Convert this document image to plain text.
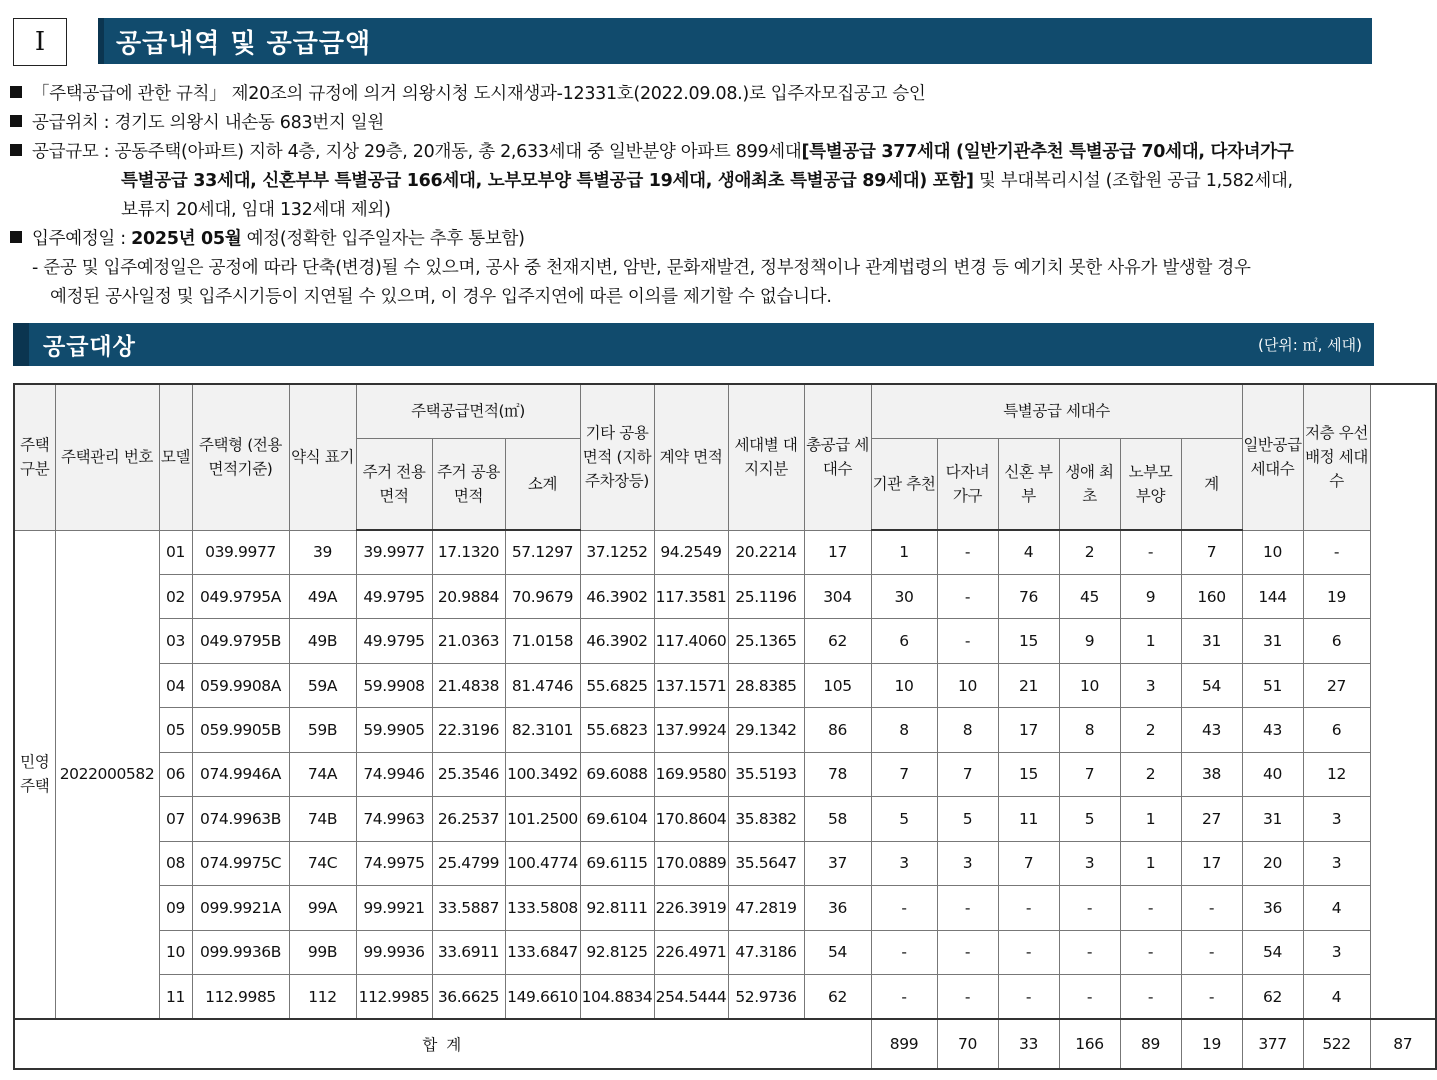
Ⅰ	공급내역 및 공급금액
「주택공급에 관한 규칙」 제20조의 규정에 의거 의왕시청 도시재생과-12331호(2022.09.08.)로 입주자모집공고 승인
공급위치 : 경기도 의왕시 내손동 683번지 일원
공급규모 : 공동주택(아파트) 지하 4층, 지상 29층, 20개동, 총 2,633세대 중 일반분양 아파트 899세대[특별공급 377세대 (일반기관추천 특별공급 70세대, 다자녀가구
특별공급 33세대, 신혼부부 특별공급 166세대, 노부모부양 특별공급 19세대, 생애최초 특별공급 89세대) 포함] 및 부대복리시설 (조합원 공급 1,582세대,
보류지 20세대, 임대 132세대 제외)
입주예정일 : 2025년 05월 예정(정확한 입주일자는 추후 통보함)
- 준공 및 입주예정일은 공정에 따라 단축(변경)될 수 있으며, 공사 중 천재지변, 암반, 문화재발견, 정부정책이나 관계법령의 변경 등 예기치 못한 사유가 발생할 경우
예정된 공사일정 및 입주시기등이 지연될 수 있으며, 이 경우 입주지연에 따른 이의를 제기할 수 없습니다.
공급대상	(단위: ㎡, 세대)
주택 구분	주택관리 번호	모델	주택형 (전용면적기준)	약식 표기	주택공급면적(㎡)			기타 공용 면적 (지하주차장등)	계약 면적	세대별 대지지분	총공급 세대수	특별공급 세대수						일반공급 세대수	저층 우선배정 세대수	
					주거 전용면적	주거 공용면적	소계					기관 추천	다자녀 가구	신혼 부부	생애 최초	노부모 부양	계			
민영 주택	2022000582	01	039.9977	39	39.9977	17.1320	57.1297	37.1252	94.2549	20.2214	17	1	-	4	2	-	7	10	-	
		02	049.9795A	49A	49.9795	20.9884	70.9679	46.3902	117.3581	25.1196	304	30	-	76	45	9	160	144	19	
		03	049.9795B	49B	49.9795	21.0363	71.0158	46.3902	117.4060	25.1365	62	6	-	15	9	1	31	31	6	
		04	059.9908A	59A	59.9908	21.4838	81.4746	55.6825	137.1571	28.8385	105	10	10	21	10	3	54	51	27	
		05	059.9905B	59B	59.9905	22.3196	82.3101	55.6823	137.9924	29.1342	86	8	8	17	8	2	43	43	6	
		06	074.9946A	74A	74.9946	25.3546	100.3492	69.6088	169.9580	35.5193	78	7	7	15	7	2	38	40	12	
		07	074.9963B	74B	74.9963	26.2537	101.2500	69.6104	170.8604	35.8382	58	5	5	11	5	1	27	31	3	
		08	074.9975C	74C	74.9975	25.4799	100.4774	69.6115	170.0889	35.5647	37	3	3	7	3	1	17	20	3	
		09	099.9921A	99A	99.9921	33.5887	133.5808	92.8111	226.3919	47.2819	36	-	-	-	-	-	-	36	4	
		10	099.9936B	99B	99.9936	33.6911	133.6847	92.8125	226.4971	47.3186	54	-	-	-	-	-	-	54	3	
		11	112.9985	112	112.9985	36.6625	149.6610	104.8834	254.5444	52.9736	62	-	-	-	-	-	-	62	4	
합 계												899	70	33	166	89	19	377	522	87
